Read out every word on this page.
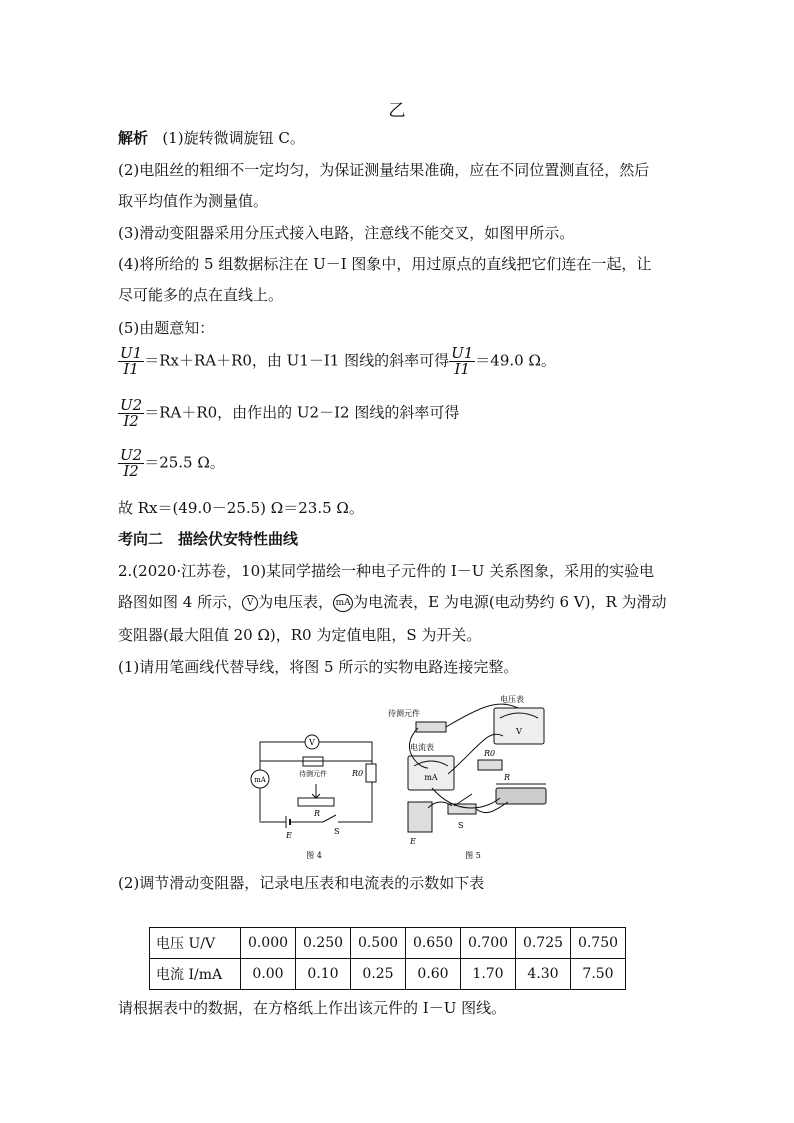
乙
解析 (1)旋转微调旋钮 C。
(2)电阻丝的粗细不一定均匀，为保证测量结果准确，应在不同位置测直径，然后
取平均值作为测量值。
(3)滑动变阻器采用分压式接入电路，注意线不能交叉，如图甲所示。
(4)将所给的 5 组数据标注在 U－I 图象中，用过原点的直线把它们连在一起，让
尽可能多的点在直线上。
(5)由题意知：
$\frac{U1}{I1} =Rx+RA+R0$，由 U1－I1 图线的斜率可得 $\frac{U1}{I1} =49.0$ Ω。
$\frac{U2}{I2} =RA+R0$，由作出的 U2－I2 图线的斜率可得
$\frac{U2}{I2} =25.5$ Ω。
故 Rx＝(49.0－25.5) Ω＝23.5 Ω。
考向二　描绘伏安特性曲线
2.(2020·江苏卷，10)某同学描绘一种电子元件的 I－U 关系图象，采用的实验电
路图如图 4 所示， V 为电压表， mA 为电流表，E 为电源(电动势约 6 V)，R 为滑动
变阻器(最大阻值 20 Ω)，R0 为定值电阻，S 为开关。
(1)请用笔画线代替导线，将图 5 所示的实物电路连接完整。
V
mA
待测元件	R0
R
E	S
图 4
电压表
V
待测元件
电流表
mA
R0
R
E
S
图 5
(2)调节滑动变阻器，记录电压表和电流表的示数如下表
电压 U/V	0.000	0.250	0.500	0.650	0.700	0.725	0.750
电流 I/mA	0.00	0.10	0.25	0.60	1.70	4.30	7.50
请根据表中的数据，在方格纸上作出该元件的 I－U 图线。
